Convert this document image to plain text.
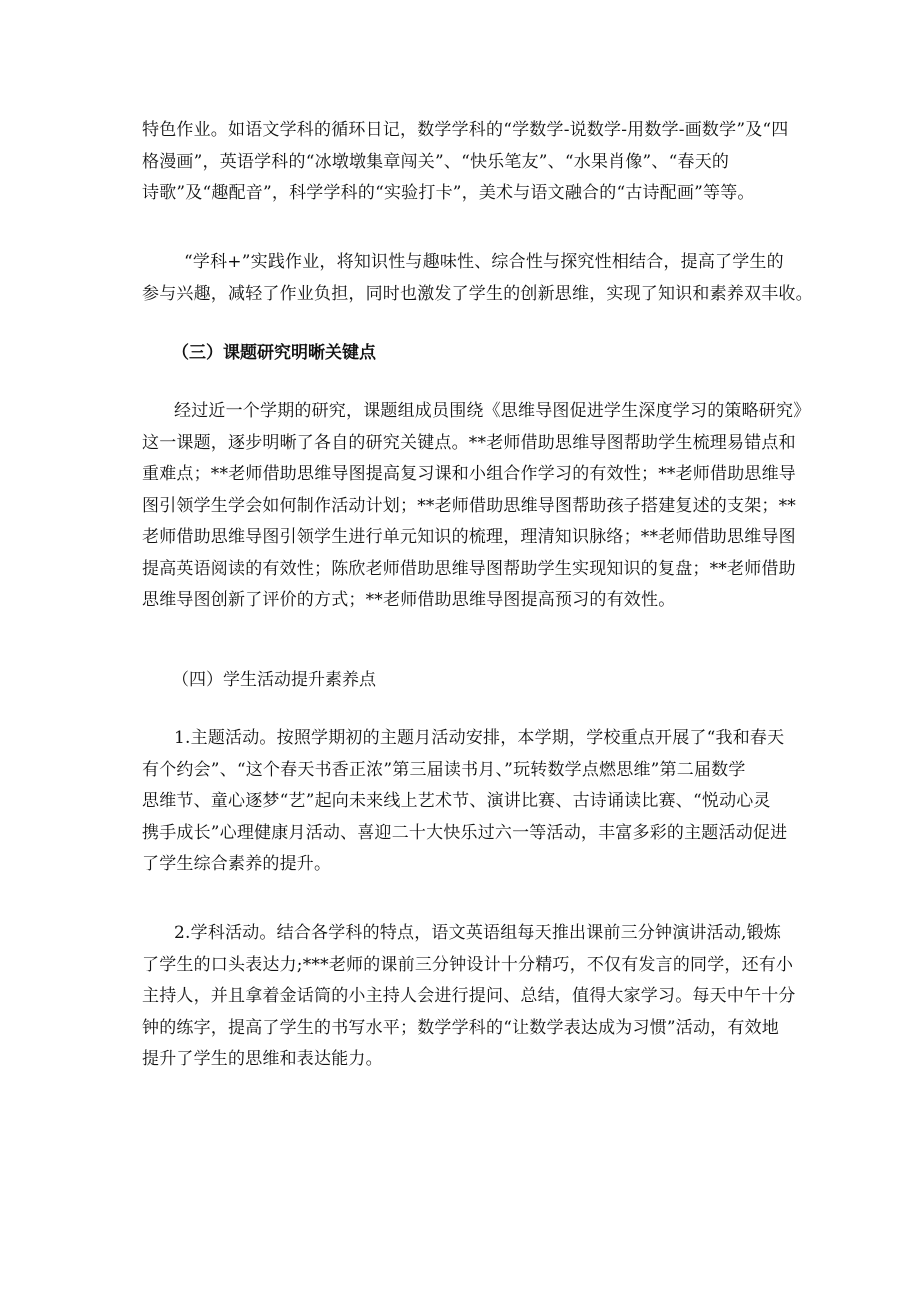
特色作业。如语文学科的循环日记，数学学科的“学数学-说数学-用数学-画数学”及“四
格漫画”，英语学科的“冰墩墩集章闯关”、“快乐笔友”、“水果肖像”、“春天的
诗歌”及“趣配音”，科学学科的“实验打卡”，美术与语文融合的“古诗配画”等等。
“学科+”实践作业，将知识性与趣味性、综合性与探究性相结合，提高了学生的
参与兴趣，减轻了作业负担，同时也激发了学生的创新思维，实现了知识和素养双丰收。
（三）课题研究明晰关键点
经过近一个学期的研究，课题组成员围绕《思维导图促进学生深度学习的策略研究》
这一课题，逐步明晰了各自的研究关键点。**老师借助思维导图帮助学生梳理易错点和
重难点；**老师借助思维导图提高复习课和小组合作学习的有效性；**老师借助思维导
图引领学生学会如何制作活动计划；**老师借助思维导图帮助孩子搭建复述的支架；**
老师借助思维导图引领学生进行单元知识的梳理，理清知识脉络；**老师借助思维导图
提高英语阅读的有效性；陈欣老师借助思维导图帮助学生实现知识的复盘；**老师借助
思维导图创新了评价的方式；**老师借助思维导图提高预习的有效性。
（四）学生活动提升素养点
1.主题活动。按照学期初的主题月活动安排，本学期，学校重点开展了“我和春天
有个约会”、“这个春天书香正浓”第三届读书月、”玩转数学点燃思维”第二届数学
思维节、童心逐梦“艺”起向未来线上艺术节、演讲比赛、古诗诵读比赛、“悦动心灵
携手成长”心理健康月活动、喜迎二十大快乐过六一等活动，丰富多彩的主题活动促进
了学生综合素养的提升。
2.学科活动。结合各学科的特点，语文英语组每天推出课前三分钟演讲活动,锻炼
了学生的口头表达力;***老师的课前三分钟设计十分精巧，不仅有发言的同学，还有小
主持人，并且拿着金话筒的小主持人会进行提问、总结，值得大家学习。每天中午十分
钟的练字，提高了学生的书写水平；数学学科的“让数学表达成为习惯”活动，有效地
提升了学生的思维和表达能力。
